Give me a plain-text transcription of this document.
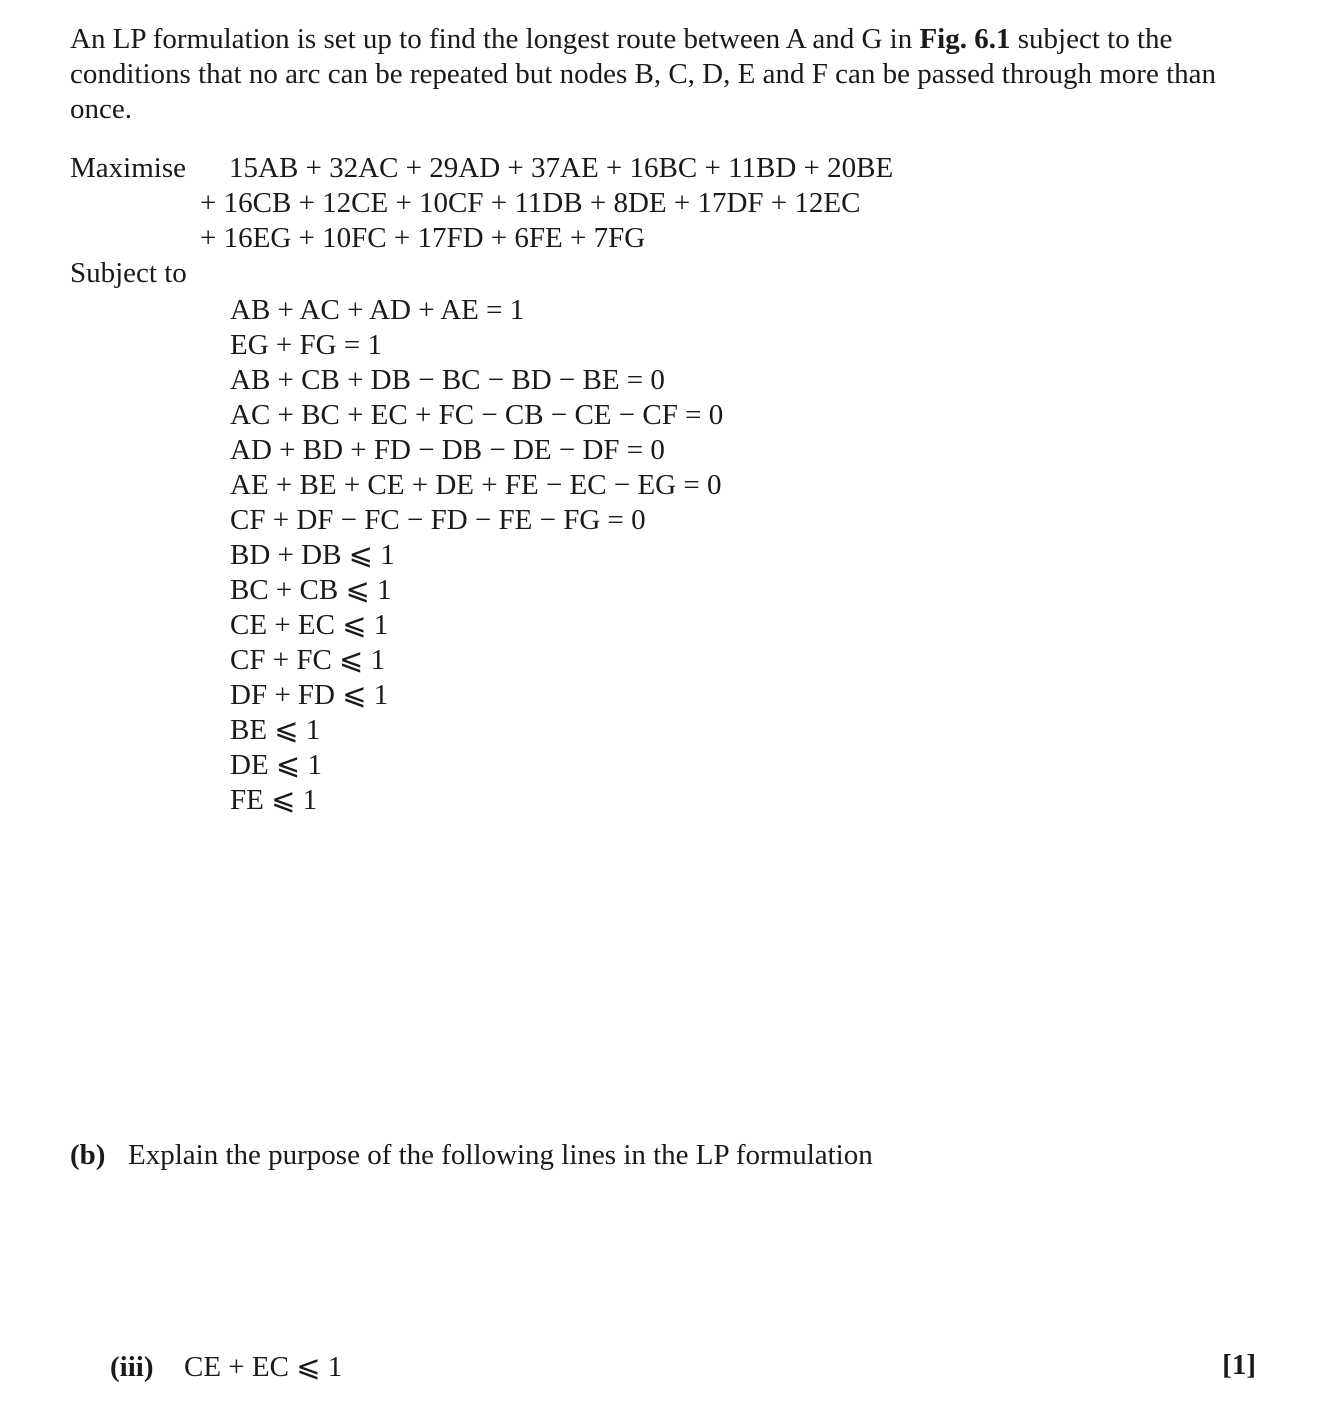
An LP formulation is set up to find the longest route between A and G in Fig. 6.1 subject to the conditions that no arc can be repeated but nodes B, C, D, E and F can be passed through more than once.
Maximise 15AB + 32AC + 29AD + 37AE + 16BC + 11BD + 20BE
+ 16CB + 12CE + 10CF + 11DB + 8DE + 17DF + 12EC
+ 16EG + 10FC + 17FD + 6FE + 7FG
Subject to
AB + AC + AD + AE = 1
EG + FG = 1
AB + CB + DB − BC − BD − BE = 0
AC + BC + EC + FC − CB − CE − CF = 0
AD + BD + FD − DB − DE − DF = 0
AE + BE + CE + DE + FE − EC − EG = 0
CF + DF − FC − FD − FE − FG = 0
BD + DB ⩽ 1
BC + CB ⩽ 1
CE + EC ⩽ 1
CF + FC ⩽ 1
DF + FD ⩽ 1
BE ⩽ 1
DE ⩽ 1
FE ⩽ 1
(b) Explain the purpose of the following lines in the LP formulation
(iii) CE + EC ⩽ 1	[1]
